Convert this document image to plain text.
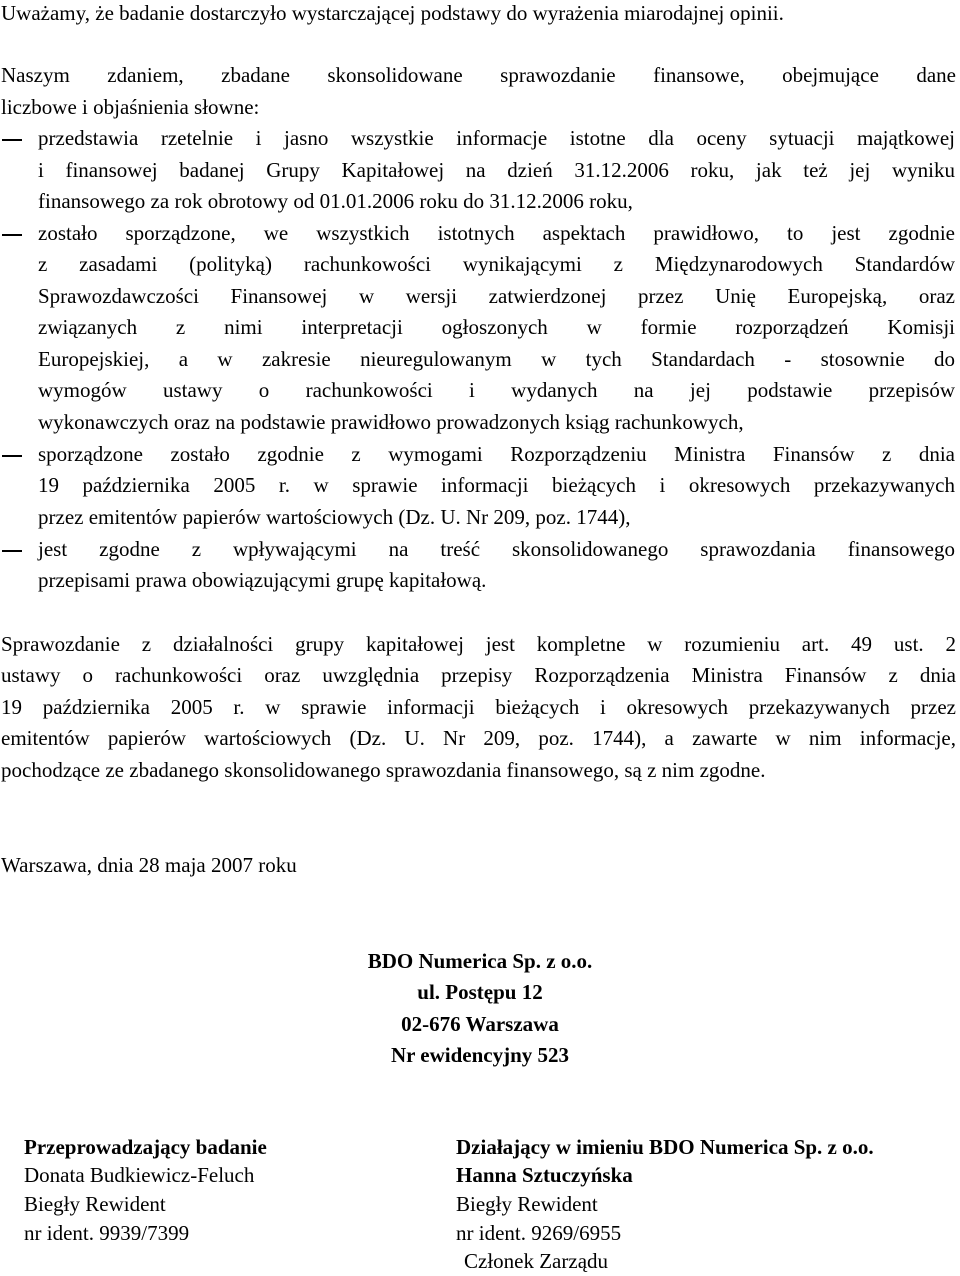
Uważamy, że badanie dostarczyło wystarczającej podstawy do wyrażenia miarodajnej opinii.
Naszym zdaniem, zbadane skonsolidowane sprawozdanie finansowe, obejmujące dane
liczbowe i objaśnienia słowne:
przedstawia rzetelnie i jasno wszystkie informacje istotne dla oceny sytuacji majątkowej
i finansowej badanej Grupy Kapitałowej na dzień 31.12.2006 roku, jak też jej wyniku
finansowego za rok obrotowy od 01.01.2006 roku do 31.12.2006 roku,
zostało sporządzone, we wszystkich istotnych aspektach prawidłowo, to jest zgodnie
z zasadami (polityką) rachunkowości wynikającymi z Międzynarodowych Standardów
Sprawozdawczości Finansowej w wersji zatwierdzonej przez Unię Europejską, oraz
związanych z nimi interpretacji ogłoszonych w formie rozporządzeń Komisji
Europejskiej, a w zakresie nieuregulowanym w tych Standardach - stosownie do
wymogów ustawy o rachunkowości i wydanych na jej podstawie przepisów
wykonawczych oraz na podstawie prawidłowo prowadzonych ksiąg rachunkowych,
sporządzone zostało zgodnie z wymogami Rozporządzeniu Ministra Finansów z dnia
19 października 2005 r. w sprawie informacji bieżących i okresowych przekazywanych
przez emitentów papierów wartościowych (Dz. U. Nr 209, poz. 1744),
jest zgodne z wpływającymi na treść skonsolidowanego sprawozdania finansowego
przepisami prawa obowiązującymi grupę kapitałową.
Sprawozdanie z działalności grupy kapitałowej jest kompletne w rozumieniu art. 49 ust. 2
ustawy o rachunkowości oraz uwzględnia przepisy Rozporządzenia Ministra Finansów z dnia
19 października 2005 r. w sprawie informacji bieżących i okresowych przekazywanych przez
emitentów papierów wartościowych (Dz. U. Nr 209, poz. 1744), a zawarte w nim informacje,
pochodzące ze zbadanego skonsolidowanego sprawozdania finansowego, są z nim zgodne.
Warszawa, dnia 28 maja 2007 roku
BDO Numerica Sp. z o.o.
ul. Postępu 12
02-676 Warszawa
Nr ewidencyjny 523
Przeprowadzający badanie
Donata Budkiewicz-Feluch
Biegły Rewident
nr ident. 9939/7399
Działający w imieniu BDO Numerica Sp. z o.o.
Hanna Sztuczyńska
Biegły Rewident
nr ident. 9269/6955
Członek Zarządu
